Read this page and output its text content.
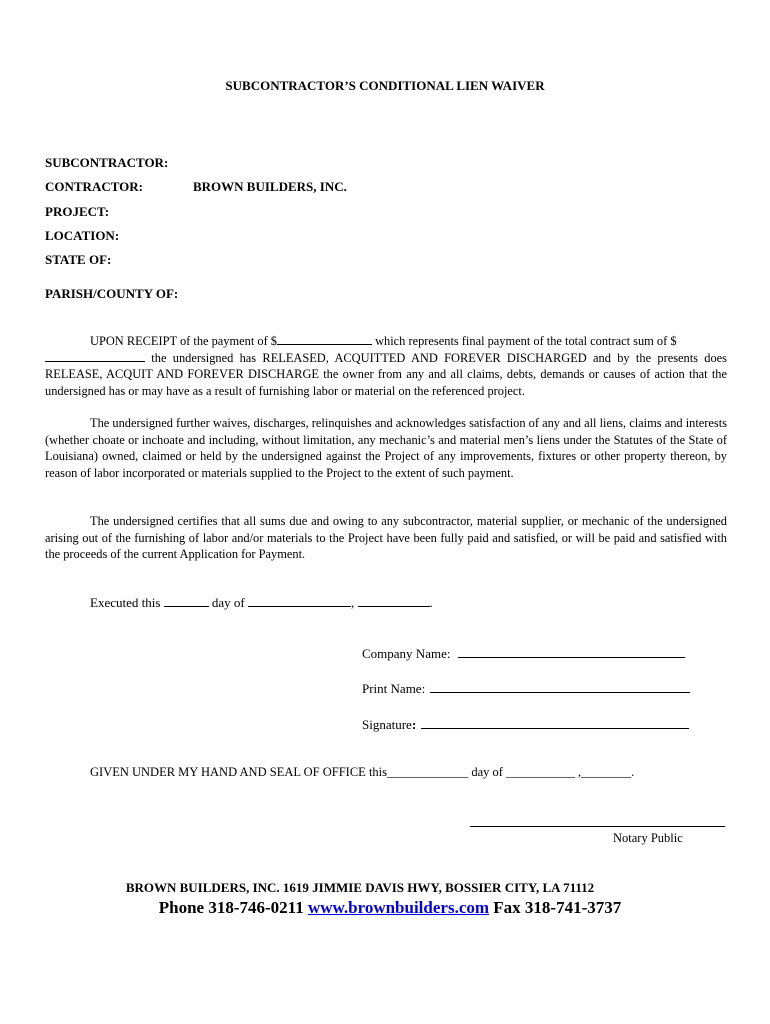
SUBCONTRACTOR’S CONDITIONAL LIEN WAIVER
SUBCONTRACTOR:
CONTRACTOR:	BROWN BUILDERS, INC.
PROJECT:
LOCATION:
STATE OF:
PARISH/COUNTY OF:
UPON RECEIPT of the payment of $	which represents final payment of the total contract sum of $
the undersigned has RELEASED, ACQUITTED AND FOREVER DISCHARGED and by the presents does RELEASE, ACQUIT AND FOREVER DISCHARGE the owner from any and all claims, debts, demands or causes of action that the undersigned has or may have as a result of furnishing labor or material on the referenced project.
The undersigned further waives, discharges, relinquishes and acknowledges satisfaction of any and all liens, claims and interests (whether choate or inchoate and including, without limitation, any mechanic’s and material men’s liens under the Statutes of the State of Louisiana) owned, claimed or held by the undersigned against the Project of any improvements, fixtures or other property thereon, by reason of labor incorporated or materials supplied to the Project to the extent of such payment.
The undersigned certifies that all sums due and owing to any subcontractor, material supplier, or mechanic of the undersigned arising out of the furnishing of labor and/or materials to the Project have been fully paid and satisfied, or will be paid and satisfied with the proceeds of the current Application for Payment.
Executed this	day of	,	.
Company Name:
Print Name:
Signature:
GIVEN UNDER MY HAND AND SEAL OF OFFICE this_____________ day of ___________ ,________.
Notary Public
BROWN BUILDERS, INC. 1619 JIMMIE DAVIS HWY, BOSSIER CITY, LA 71112
Phone 318-746-0211 www.brownbuilders.com Fax 318-741-3737
